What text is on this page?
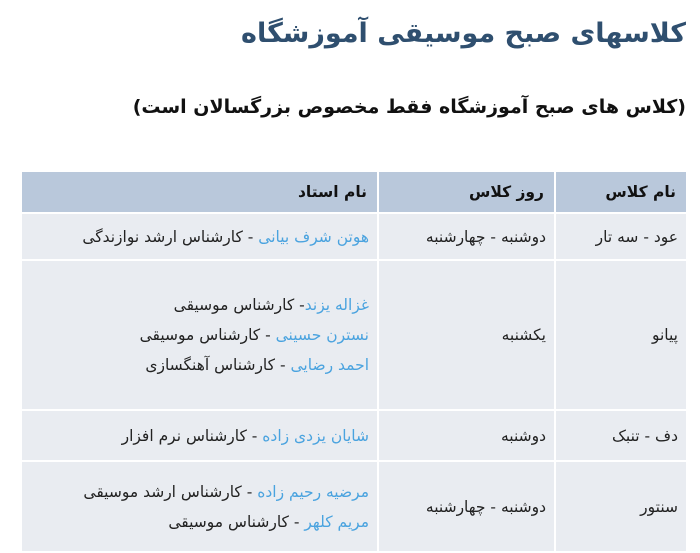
کلاسهای صبح موسیقی آموزشگاه
(کلاس های صبح آموزشگاه فقط مخصوص بزرگسالان است)
نام کلاس	روز کلاس	نام استاد
عود - سه تار	دوشنبه - چهارشنبه	هوتن شرف بیانی - کارشناس ارشد نوازندگی

پیانو	یکشنبه	غزاله یزند- کارشناس موسیقی
نسترن حسینی - کارشناس موسیقی
احمد رضایی - کارشناس آهنگسازی

دف - تنبک	دوشنبه	شایان یزدی زاده - کارشناس نرم افزار

سنتور	دوشنبه - چهارشنبه	مرضیه رحیم زاده - کارشناس ارشد موسیقی
مریم کلهر - کارشناس موسیقی
